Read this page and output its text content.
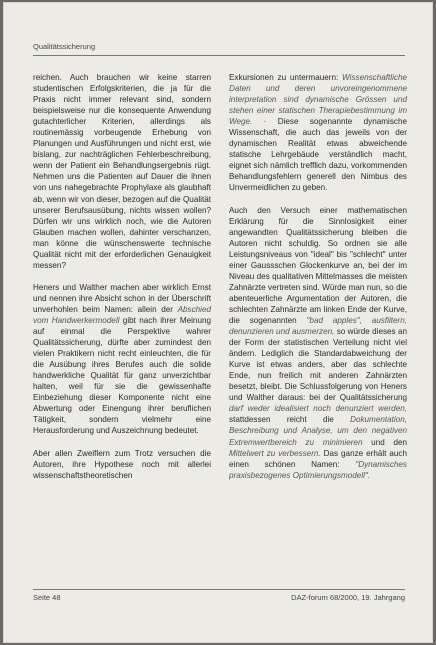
Qualitätssicherung

reichen. Auch brauchen wir keine starren studentischen Erfolgskriterien, die ja für die Praxis nicht immer relevant sind, sondern beispielsweise nur die konsequente Anwendung gutachterlicher Kriterien, allerdings als routinemässig vorbeugende Erhebung von Planungen und Ausführungen und nicht erst, wie bislang, zur nachträglichen Fehlerbeschreibung, wenn der Patient ein Behandlungsergebnis rügt. Nehmen uns die Patienten auf Dauer die ihnen von uns nahegebrachte Prophylaxe als glaubhaft ab, wenn wir von dieser, bezogen auf die Qualität unserer Berufsausübung, nichts wissen wollen? Dürfen wir uns wirklich noch, wie die Autoren Glauben machen wollen, dahinter verschanzen, man könne die wünschenswerte technische Qualität nicht mit der erforderlichen Genauigkeit messen?

Heners und Walther machen aber wirklich Ernst und nennen ihre Absicht schon in der Überschrift unverhohlen beim Namen: allein der Abschied vom Handwerkermodell gibt nach ihrer Meinung auf einmal die Perspektive wahrer Qualitätssicherung, dürfte aber zumindest den vielen Praktikern nicht recht einleuchten, die für die Ausübung ihres Berufes auch die solide handwerkliche Qualität für ganz unverzichtbar halten, weil für sie die gewissenhafte Einbeziehung dieser Komponente nicht eine Abwertung oder Einengung ihrer beruflichen Tätigkeit, sondern vielmehr eine Herausforderung und Auszeichnung bedeutet.

Aber allen Zweiflern zum Trotz versuchen die Autoren, ihre Hypothese noch mit allerlei wissenschaftstheoretischen

Exkursionen zu untermauern: Wissenschaftliche Daten und deren unvoreingenommene interpretation sind dynamische Grössen und stehen einer statischen Therapiebestimmung im Wege. · Diese sogenannte dynamische Wissenschaft, die auch das jeweils von der dynamischen Realität etwas abweichende statische Lehrgebäude verständlich macht, eignet sich nämlich trefflich dazu, vorkommenden Behandlungsfehlern generell den Nimbus des Unvermeidlichen zu geben.

Auch den Versuch einer mathematischen Erklärung für die Sinnlosigkeit einer angewandten Qualitätssicherung bleiben die Autoren nicht schuldig. So ordnen sie alle Leistungsniveaus von "ideal" bis "schlecht" unter einer Gaussschen Glockenkurve an, bei der im Niveau des qualitativen Mittelmasses die meisten Zahnärzte vertreten sind. Würde man nun, so die abenteuerliche Argumentation der Autoren, die schlechten Zahnärzte am linken Ende der Kurve, die sogenannten "bad apples", ausfiltern, denunzieren und ausmerzen, so würde dieses an der Form der statistischen Verteilung nicht viel ändern. Lediglich die Standardabweichung der Kurve ist etwas anders, aber das schlechte Ende, nun freilich mit anderen Zahnärzten besetzt, bleibt. Die Schlussfolgerung von Heners und Walther daraus: bei der Qualitätssicherung darf weder idealisiert noch denunziert werden, stattdessen reicht die Dokumentation, Beschreibung und Analyse, um den negativen Extremwertbereich zu minimieren und den Mittelwert zu verbessern. Das ganze erhält auch einen schönen Namen: "Dynamisches praxisbezogenes Optimierungsmodell".

Seite 48	DAZ-forum 68/2000, 19. Jahrgang
